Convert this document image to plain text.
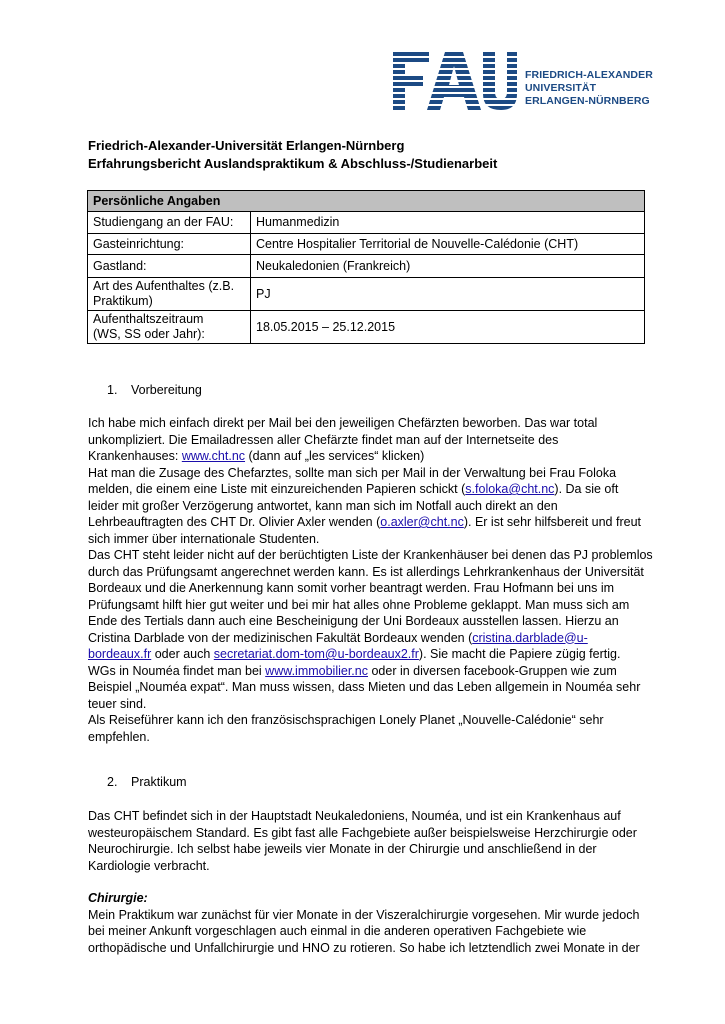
FRIEDRICH-ALEXANDER
UNIVERSITÄT
ERLANGEN-NÜRNBERG
Friedrich-Alexander-Universität Erlangen-Nürnberg
Erfahrungsbericht Auslandspraktikum & Abschluss-/Studienarbeit
Persönliche Angaben	
Studiengang an der FAU:	Humanmedizin
Gasteinrichtung:	Centre Hospitalier Territorial de Nouvelle-Calédonie (CHT)
Gastland:	Neukaledonien (Frankreich)

Art des Aufenthaltes (z.B.
Praktikum)	PJ

Aufenthaltszeitraum
(WS, SS oder Jahr):	18.05.2015 – 25.12.2015
1. Vorbereitung
Ich habe mich einfach direkt per Mail bei den jeweiligen Chefärzten beworben. Das war total
unkompliziert. Die Emailadressen aller Chefärzte findet man auf der Internetseite des
Krankenhauses: www.cht.nc (dann auf „les services“ klicken)
Hat man die Zusage des Chefarztes, sollte man sich per Mail in der Verwaltung bei Frau Foloka
melden, die einem eine Liste mit einzureichenden Papieren schickt (s.foloka@cht.nc). Da sie oft
leider mit großer Verzögerung antwortet, kann man sich im Notfall auch direkt an den
Lehrbeauftragten des CHT Dr. Olivier Axler wenden (o.axler@cht.nc). Er ist sehr hilfsbereit und freut
sich immer über internationale Studenten.
Das CHT steht leider nicht auf der berüchtigten Liste der Krankenhäuser bei denen das PJ problemlos
durch das Prüfungsamt angerechnet werden kann. Es ist allerdings Lehrkrankenhaus der Universität
Bordeaux und die Anerkennung kann somit vorher beantragt werden. Frau Hofmann bei uns im
Prüfungsamt hilft hier gut weiter und bei mir hat alles ohne Probleme geklappt. Man muss sich am
Ende des Tertials dann auch eine Bescheinigung der Uni Bordeaux ausstellen lassen. Hierzu an
Cristina Darblade von der medizinischen Fakultät Bordeaux wenden (cristina.darblade@u-
bordeaux.fr oder auch secretariat.dom-tom@u-bordeaux2.fr). Sie macht die Papiere zügig fertig.
WGs in Nouméa findet man bei www.immobilier.nc oder in diversen facebook-Gruppen wie zum
Beispiel „Nouméa expat“. Man muss wissen, dass Mieten und das Leben allgemein in Nouméa sehr
teuer sind.
Als Reiseführer kann ich den französischsprachigen Lonely Planet „Nouvelle-Calédonie“ sehr
empfehlen.
2. Praktikum
Das CHT befindet sich in der Hauptstadt Neukaledoniens, Nouméa, und ist ein Krankenhaus auf
westeuropäischem Standard. Es gibt fast alle Fachgebiete außer beispielsweise Herzchirurgie oder
Neurochirurgie. Ich selbst habe jeweils vier Monate in der Chirurgie und anschließend in der
Kardiologie verbracht.
Chirurgie:
Mein Praktikum war zunächst für vier Monate in der Viszeralchirurgie vorgesehen. Mir wurde jedoch
bei meiner Ankunft vorgeschlagen auch einmal in die anderen operativen Fachgebiete wie
orthopädische und Unfallchirurgie und HNO zu rotieren. So habe ich letztendlich zwei Monate in der
